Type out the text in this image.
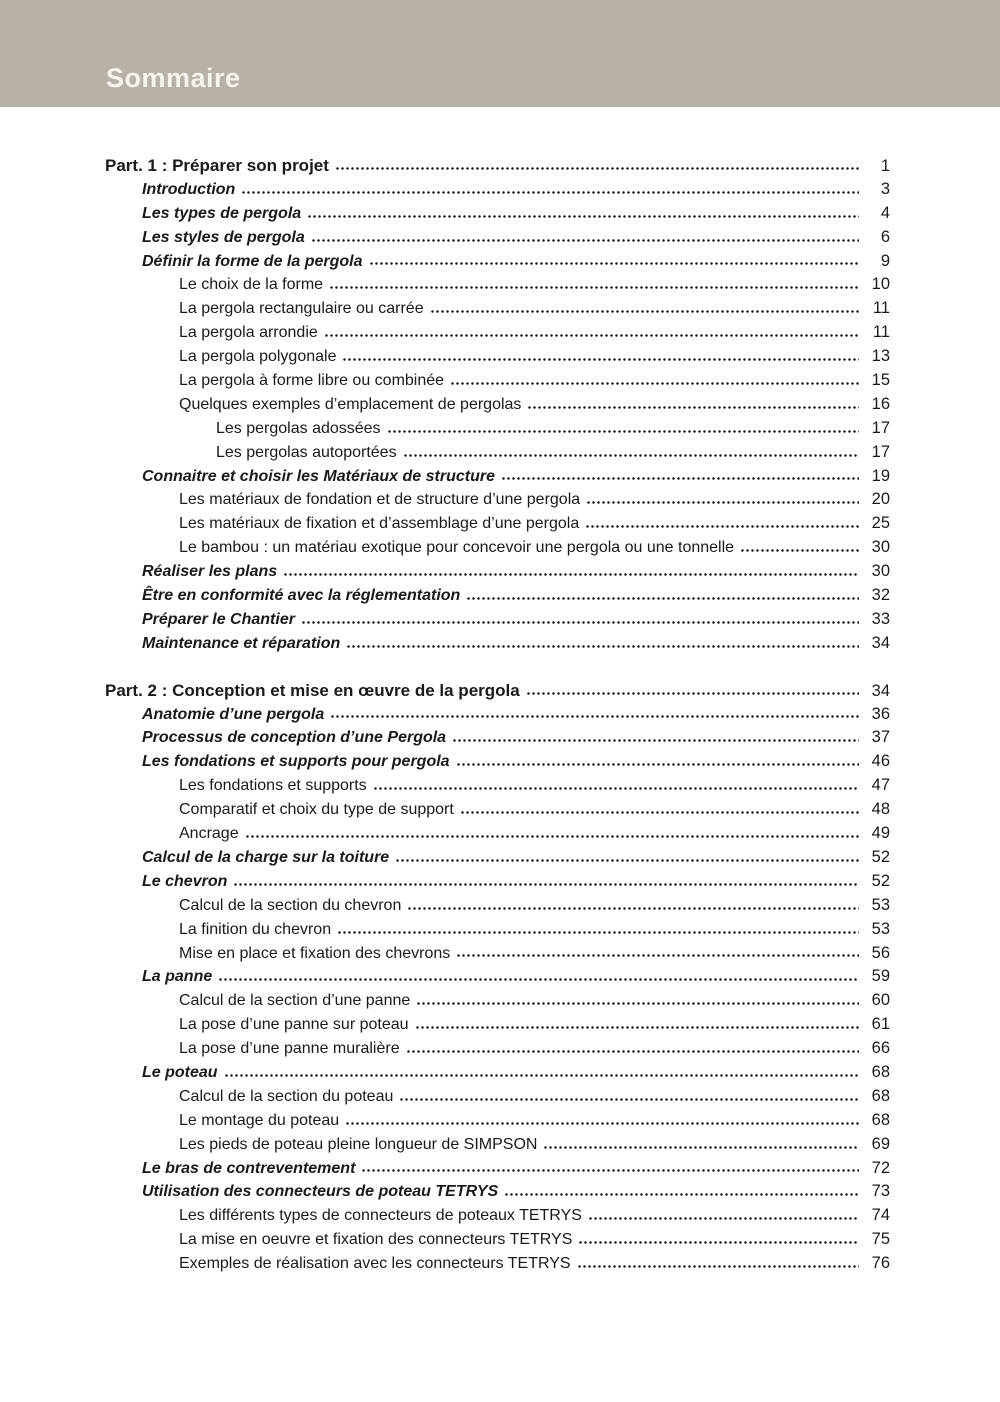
Sommaire
Part. 1 : Préparer son projet	1
Introduction	3
Les types de pergola	4
Les styles de pergola	6
Définir la forme de la pergola	9
Le choix de la forme	10
La pergola rectangulaire ou carrée	11
La pergola arrondie	11
La pergola polygonale	13
La pergola à forme libre ou combinée	15
Quelques exemples d’emplacement de pergolas	16
Les pergolas adossées	17
Les pergolas autoportées	17
Connaitre et choisir les Matériaux de structure	19
Les matériaux de fondation et de structure d’une pergola	20
Les matériaux de fixation et d’assemblage d’une pergola	25
Le bambou : un matériau exotique pour concevoir une pergola ou une tonnelle	30
Réaliser les plans	30
Être en conformité avec la réglementation	32
Préparer le Chantier	33
Maintenance et réparation	34
Part. 2 : Conception et mise en œuvre de la pergola	34
Anatomie d’une pergola	36
Processus de conception d’une Pergola	37
Les fondations et supports pour pergola	46
Les fondations et supports	47
Comparatif et choix du type de support	48
Ancrage	49
Calcul de la charge sur la toiture	52
Le chevron	52
Calcul de la section du chevron	53
La finition du chevron	53
Mise en place et fixation des chevrons	56
La panne	59
Calcul de la section d’une panne	60
La pose d’une panne sur poteau	61
La pose d’une panne muralière	66
Le poteau	68
Calcul de la section du poteau	68
Le montage du poteau	68
Les pieds de poteau pleine longueur de SIMPSON	69
Le bras de contreventement	72
Utilisation des connecteurs de poteau TETRYS	73
Les différents types de connecteurs de poteaux TETRYS	74
La mise en oeuvre et fixation des connecteurs TETRYS	75
Exemples de réalisation avec les connecteurs TETRYS	76
